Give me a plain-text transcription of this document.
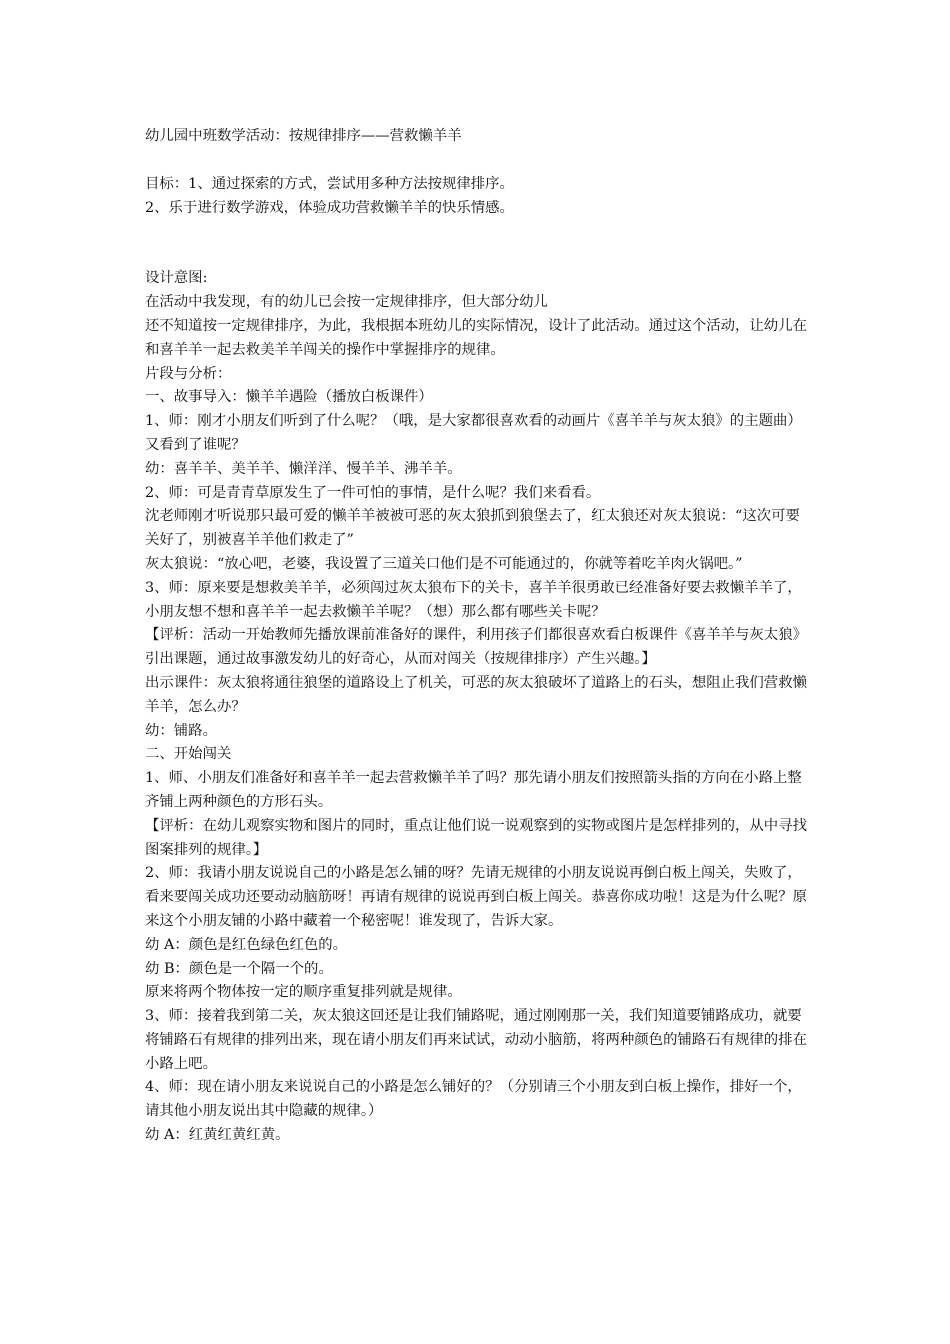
幼儿园中班数学活动：按规律排序——营救懒羊羊
目标：1、通过探索的方式，尝试用多种方法按规律排序。
2、乐于进行数学游戏，体验成功营救懒羊羊的快乐情感。
设计意图:
在活动中我发现，有的幼儿已会按一定规律排序，但大部分幼儿
还不知道按一定规律排序，为此，我根据本班幼儿的实际情况，设计了此活动。通过这个活动，让幼儿在和喜羊羊一起去救美羊羊闯关的操作中掌握排序的规律。
片段与分析：
一、故事导入：懒羊羊遇险（播放白板课件）
1、师：刚才小朋友们听到了什么呢？（哦，是大家都很喜欢看的动画片《喜羊羊与灰太狼》的主题曲）又看到了谁呢？
幼：喜羊羊、美羊羊、懒洋洋、慢羊羊、沸羊羊。
2、师：可是青青草原发生了一件可怕的事情，是什么呢？我们来看看。
沈老师刚才听说那只最可爱的懒羊羊被被可恶的灰太狼抓到狼堡去了，红太狼还对灰太狼说：“这次可要关好了，别被喜羊羊他们救走了”
灰太狼说：“放心吧，老婆，我设置了三道关口他们是不可能通过的，你就等着吃羊肉火锅吧。”
3、师：原来要是想救美羊羊，必须闯过灰太狼布下的关卡，喜羊羊很勇敢已经准备好要去救懒羊羊了，小朋友想不想和喜羊羊一起去救懒羊羊呢？（想）那么都有哪些关卡呢？
【评析：活动一开始教师先播放课前准备好的课件，利用孩子们都很喜欢看白板课件《喜羊羊与灰太狼》引出课题，通过故事激发幼儿的好奇心，从而对闯关（按规律排序）产生兴趣。】
出示课件：灰太狼将通往狼堡的道路设上了机关，可恶的灰太狼破坏了道路上的石头，想阻止我们营救懒羊羊，怎么办？
幼：铺路。
二、开始闯关
1、师、小朋友们准备好和喜羊羊一起去营救懒羊羊了吗？那先请小朋友们按照箭头指的方向在小路上整齐铺上两种颜色的方形石头。
【评析：在幼儿观察实物和图片的同时，重点让他们说一说观察到的实物或图片是怎样排列的，从中寻找图案排列的规律。】
2、师：我请小朋友说说自己的小路是怎么铺的呀？先请无规律的小朋友说说再倒白板上闯关，失败了，看来要闯关成功还要动动脑筋呀！再请有规律的说说再到白板上闯关。恭喜你成功啦！这是为什么呢？原来这个小朋友铺的小路中藏着一个秘密呢！谁发现了，告诉大家。
幼 A：颜色是红色绿色红色的。
幼 B：颜色是一个隔一个的。
原来将两个物体按一定的顺序重复排列就是规律。
3、师：接着我到第二关，灰太狼这回还是让我们铺路呢，通过刚刚那一关，我们知道要铺路成功，就要将铺路石有规律的排列出来，现在请小朋友们再来试试，动动小脑筋，将两种颜色的铺路石有规律的排在小路上吧。
4、师：现在请小朋友来说说自己的小路是怎么铺好的？（分别请三个小朋友到白板上操作，排好一个，请其他小朋友说出其中隐藏的规律。）
幼 A：红黄红黄红黄。
